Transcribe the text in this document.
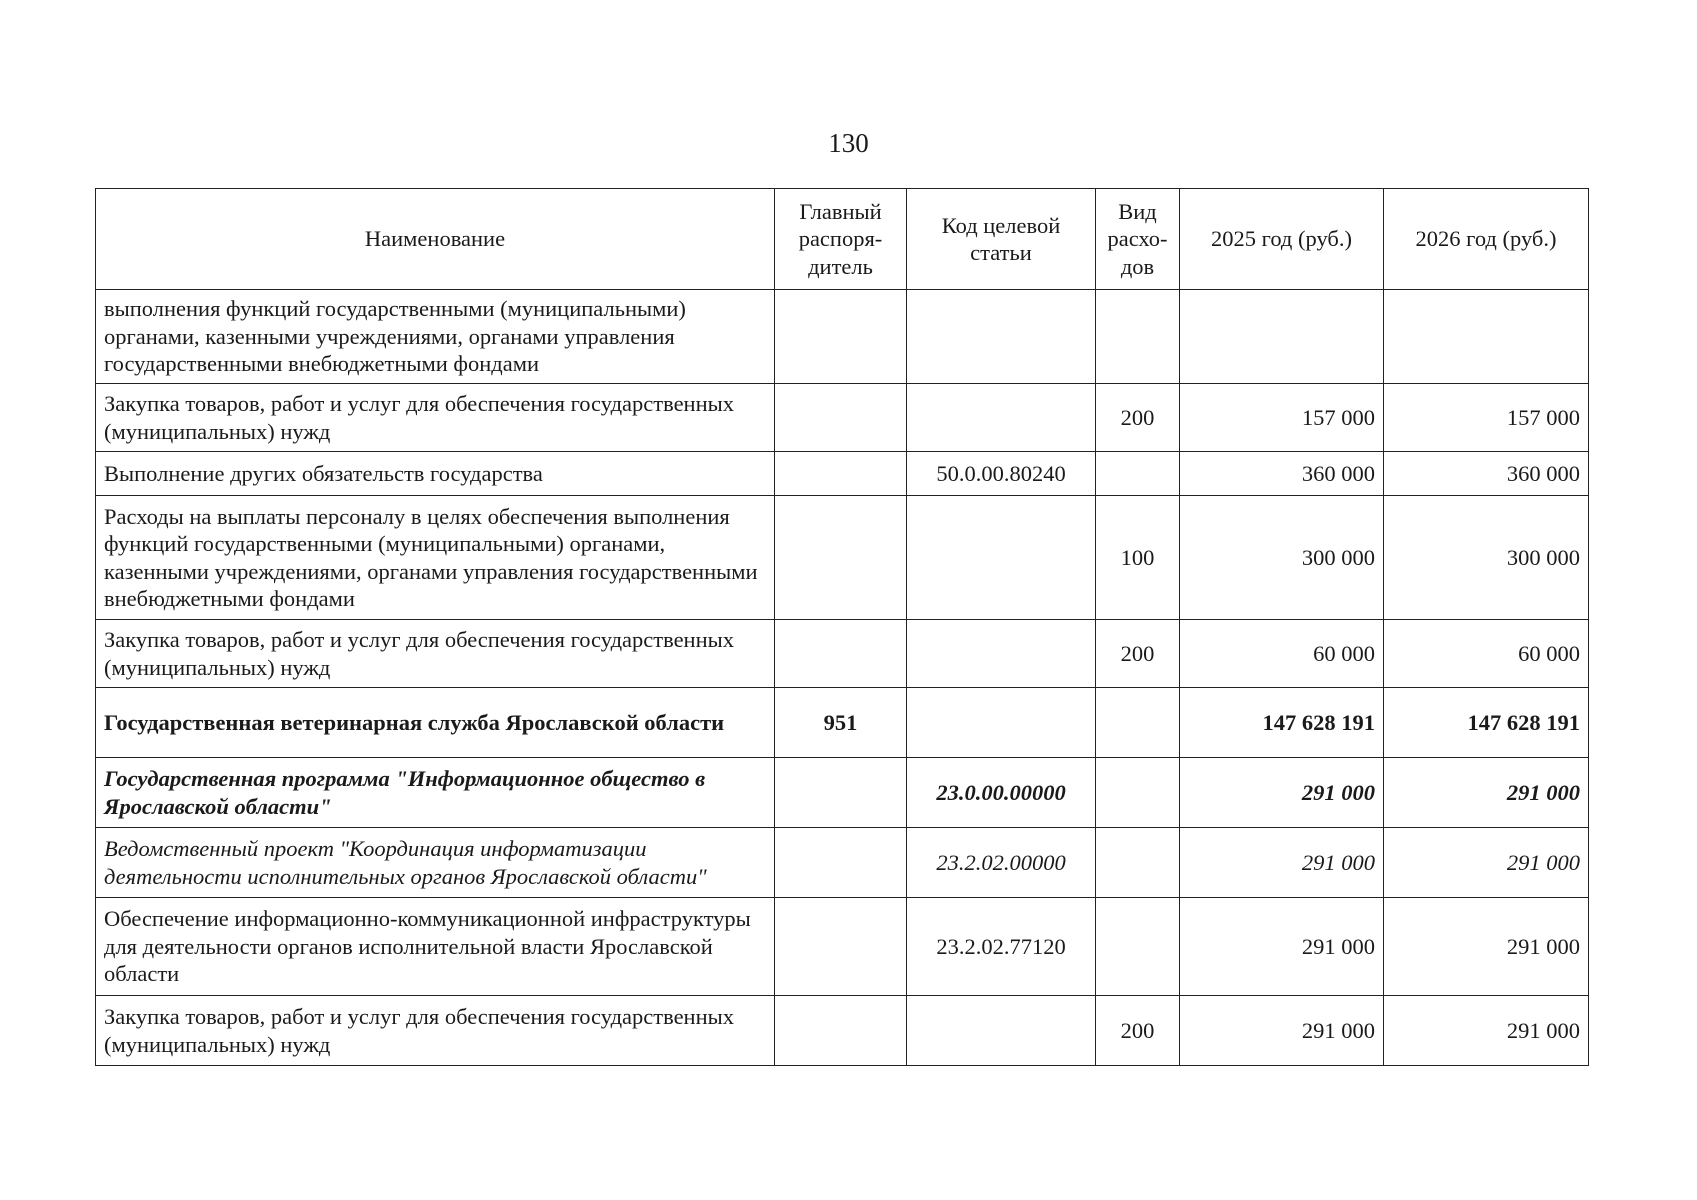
130
Наименование	Главный распоря-дитель	Код целевой статьи	Вид расхо-дов	2025 год (руб.)	2026 год (руб.)
выполнения функций государственными (муниципальными) органами, казенными учреждениями, органами управления государственными внебюджетными фондами					
Закупка товаров, работ и услуг для обеспечения государственных (муниципальных) нужд			200	157 000	157 000
Выполнение других обязательств государства		50.0.00.80240		360 000	360 000
Расходы на выплаты персоналу в целях обеспечения выполнения функций государственными (муниципальными) органами, казенными учреждениями, органами управления государственными внебюджетными фондами			100	300 000	300 000
Закупка товаров, работ и услуг для обеспечения государственных (муниципальных) нужд			200	60 000	60 000
Государственная ветеринарная служба Ярославской области	951			147 628 191	147 628 191
Государственная программа "Информационное общество в Ярославской области"		23.0.00.00000		291 000	291 000
Ведомственный проект "Координация информатизации деятельности исполнительных органов Ярославской области"		23.2.02.00000		291 000	291 000
Обеспечение информационно-коммуникационной инфраструктуры для деятельности органов исполнительной власти Ярославской области		23.2.02.77120		291 000	291 000
Закупка товаров, работ и услуг для обеспечения государственных (муниципальных) нужд			200	291 000	291 000
